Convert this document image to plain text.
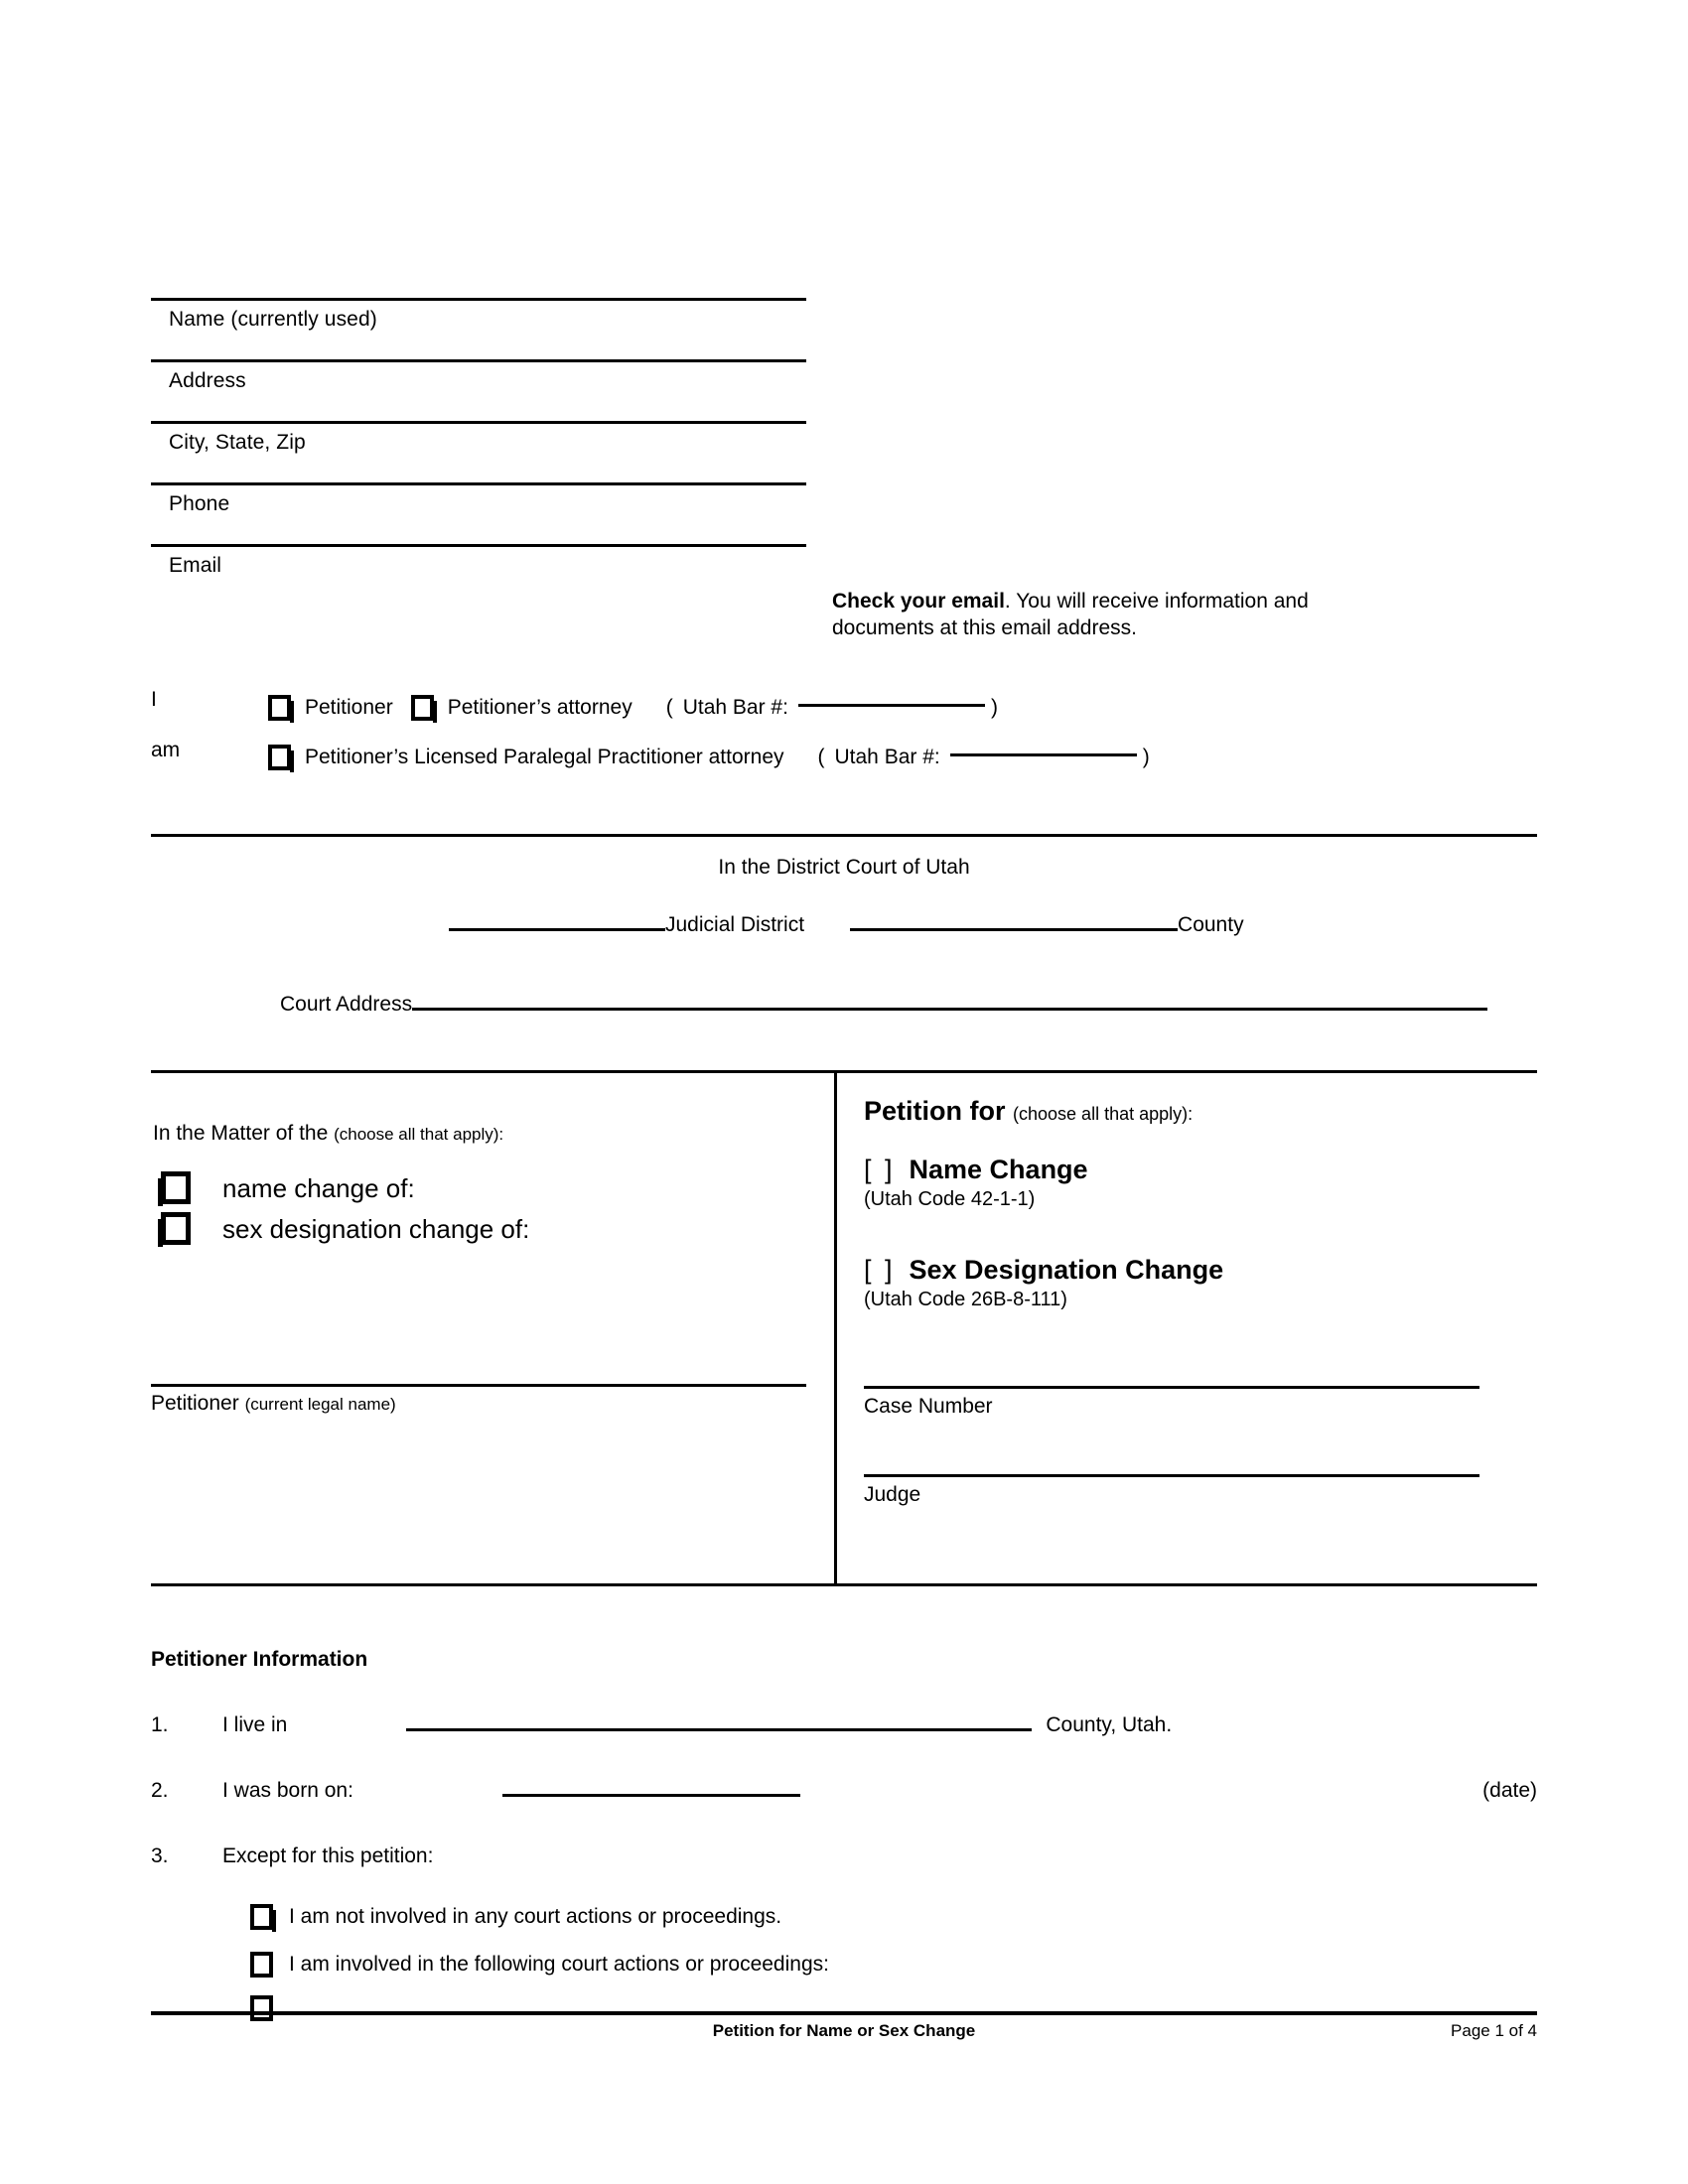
Name (currently used)
Address
City, State, Zip
Phone
Email
Check your email. You will receive information and documents at this email address.
I
am
Petitioner	Petitioner’s attorney ( Utah Bar #:	)
Petitioner’s Licensed Paralegal Practitioner attorney ( Utah Bar #:	)
In the District Court of Utah
Judicial District	County
Court Address
In the Matter of the (choose all that apply):
name change of:
sex designation change of:
Petitioner (current legal name)
Petition for (choose all that apply):
[ ] Name Change
(Utah Code 42-1-1)
[ ] Sex Designation Change
(Utah Code 26B-8-111)
Case Number
Judge
Petitioner Information
1.	I live in	County, Utah.
2.	I was born on:	(date)
3.	Except for this petition:
I am not involved in any court actions or proceedings.
I am involved in the following court actions or proceedings:
Petition for Name or Sex Change	Page 1 of 4
